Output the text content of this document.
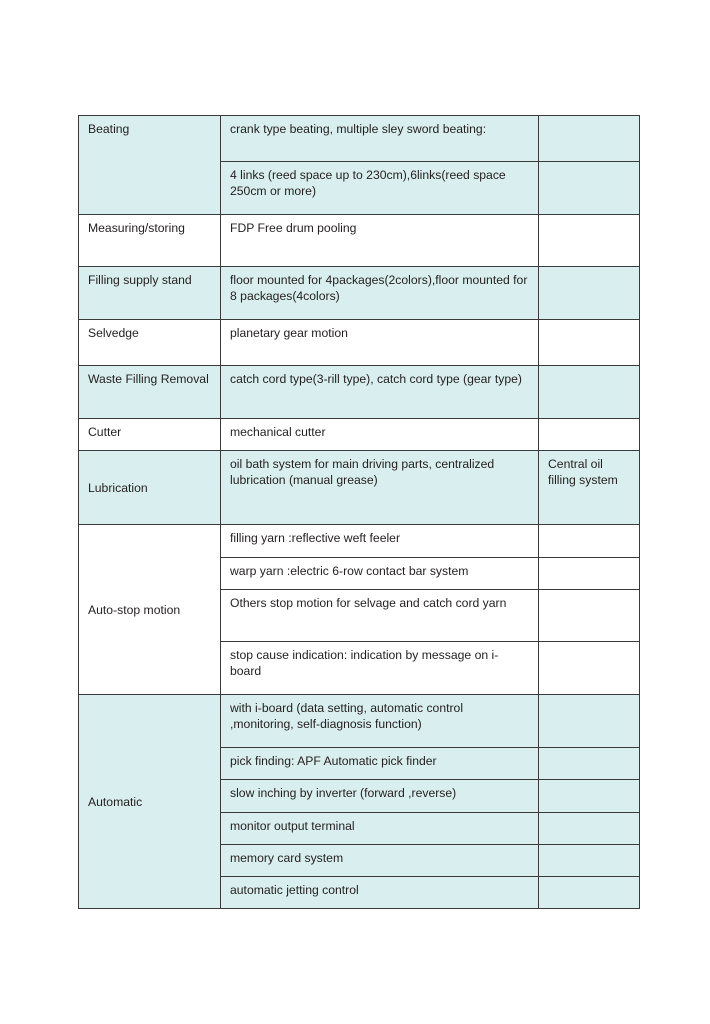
Beating	crank type beating, multiple sley sword beating:	
	4 links (reed space up to 230cm),6links(reed space 250cm or more)	
Measuring/storing	FDP Free drum pooling	
Filling supply stand	floor mounted for 4packages(2colors),floor mounted for 8 packages(4colors)	
Selvedge	planetary gear motion	
Waste Filling Removal	catch cord type(3-rill type), catch cord type (gear type)	
Cutter	mechanical cutter	
Lubrication	oil bath system for main driving parts, centralized lubrication (manual grease)	Central oil filling system
Auto-stop motion	filling yarn :reflective weft feeler	
	warp yarn :electric 6-row contact bar system	
	Others stop motion for selvage and catch cord yarn	
	stop cause indication: indication by message on i-board	
Automatic	with i-board (data setting, automatic control ,monitoring, self-diagnosis function)	
	pick finding: APF Automatic pick finder	
	slow inching by inverter (forward ,reverse)	
	monitor output terminal	
	memory card system	
	automatic jetting control	
